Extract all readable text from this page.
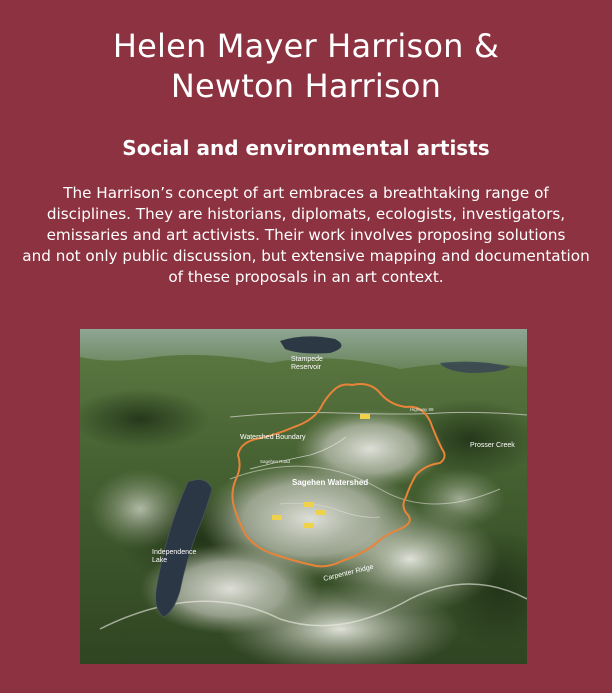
Helen Mayer Harrison &
Newton Harrison
Social and environmental artists

The Harrison’s concept of art embraces a breathtaking range of
disciplines. They are historians, diplomats, ecologists, investigators,
emissaries and art activists. Their work involves proposing solutions
and not only public discussion, but extensive mapping and documentation
of these proposals in an art context.

Stampede
Reservoir
Watershed Boundary
Prosser Creek
Sagehen Watershed
Independence
Lake
Carpenter Ridge
Highway 89
Sagehen Road
